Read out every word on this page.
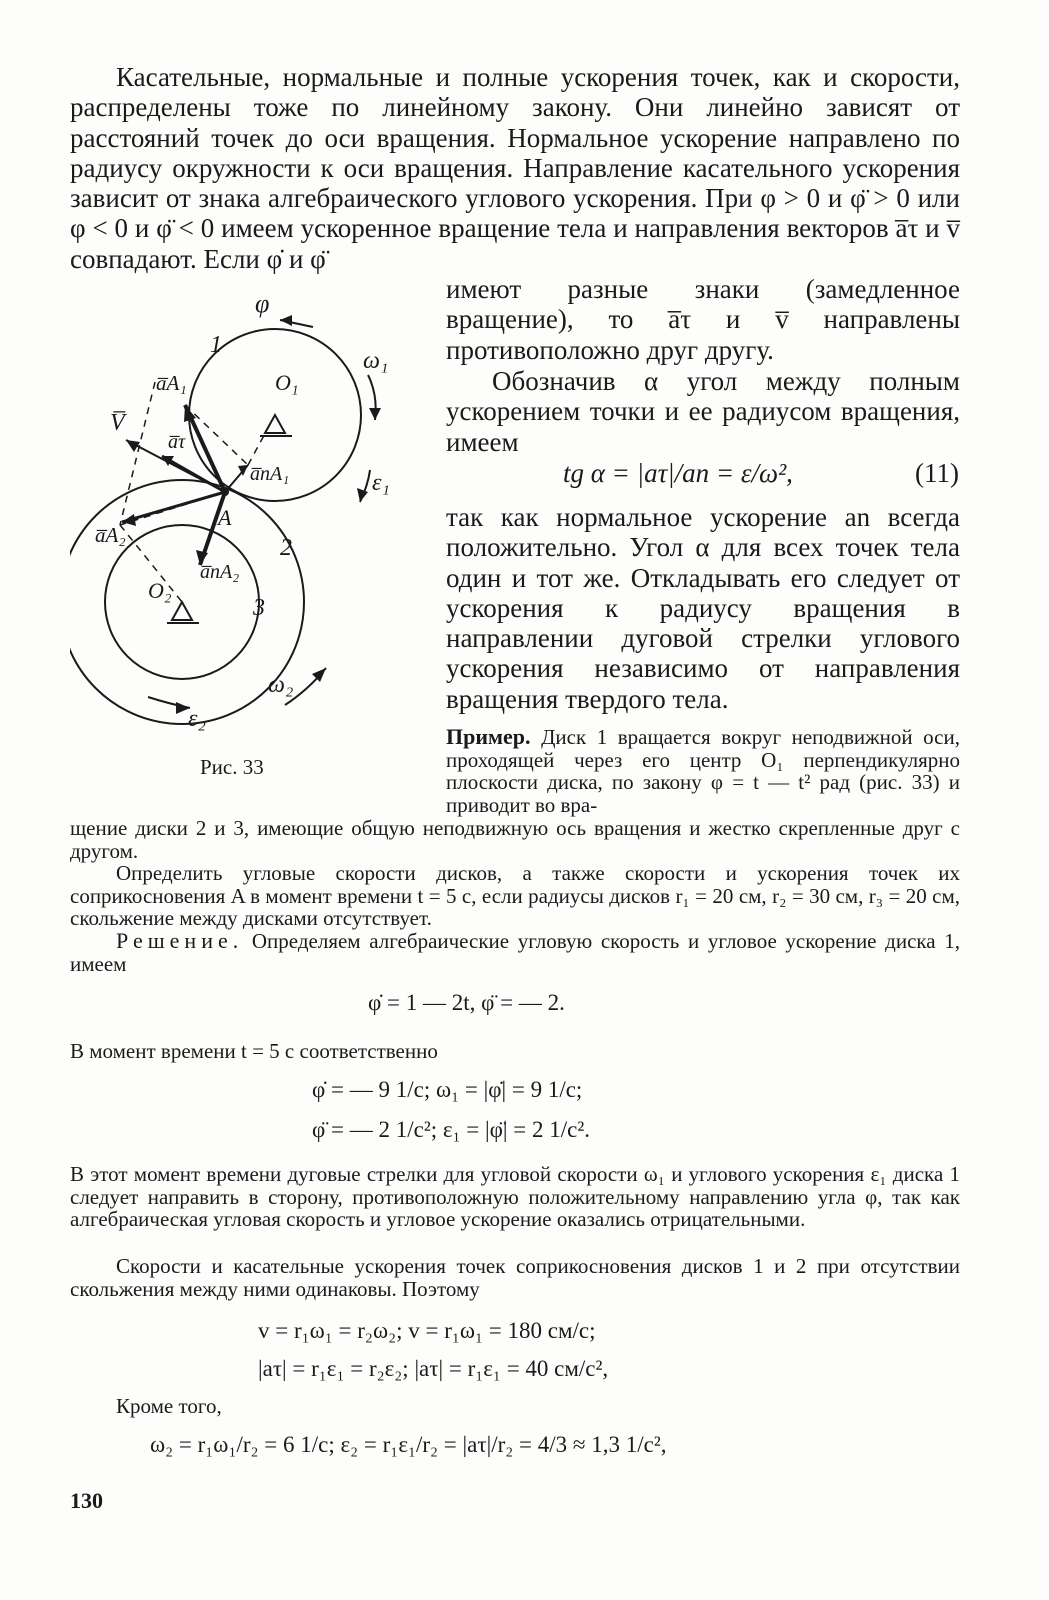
Касательные, нормальные и полные ускорения точек, как и скорости, распределены тоже по линейному закону. Они линейно зависят от расстояний точек до оси вращения. Нормальное ускорение направлено по радиусу окружности к оси вращения. Направление касательного ускорения зависит от знака алгебраического углового ускорения. При φ > 0 и φ̈ > 0 или φ < 0 и φ̈ < 0 имеем ускоренное вращение тела и направления векторов a̅τ и v̅ совпадают. Если φ̇ и φ̈

φ
1
ω₁
O₁
V̅
a̅A₁
a̅τ
a̅nA₁	ε₁
A
2
a̅A₂
a̅nA₂
O₂
3
ω₂
ε₂
Рис. 33

имеют разные знаки (замедленное вращение), то a̅τ и v̅ направлены противоположно друг другу.

Обозначив α угол между полным ускорением точки и ее радиусом вращения, имеем

tg α = |aτ|/an = ε/ω²,	(11)

так как нормальное ускорение an всегда положительно. Угол α для всех точек тела один и тот же. Откладывать его следует от ускорения к радиусу вращения в направлении дуговой стрелки углового ускорения независимо от направления вращения твердого тела.

Пример. Диск 1 вращается вокруг неподвижной оси, проходящей через его центр O₁ перпендикулярно плоскости диска, по закону φ = t — t² рад (рис. 33) и приводит во вра-

щение диски 2 и 3, имеющие общую неподвижную ось вращения и жестко скрепленные друг с другом.

Определить угловые скорости дисков, а также скорости и ускорения точек их соприкосновения A в момент времени t = 5 с, если радиусы дисков r₁ = 20 см, r₂ = 30 см, r₃ = 20 см, скольжение между дисками отсутствует.

Решение. Определяем алгебраические угловую скорость и угловое ускорение диска 1, имеем
φ̇ = 1 — 2t, φ̈ = — 2.
В момент времени t = 5 с соответственно
φ̇ = — 9 1/с; ω₁ = |φ̇| = 9 1/с;
φ̈ = — 2 1/с²; ε₁ = |φ̈| = 2 1/с².

В этот момент времени дуговые стрелки для угловой скорости ω₁ и углового ускорения ε₁ диска 1 следует направить в сторону, противоположную положительному направлению угла φ, так как алгебраическая угловая скорость и угловое ускорение оказались отрицательными.

Скорости и касательные ускорения точек соприкосновения дисков 1 и 2 при отсутствии скольжения между ними одинаковы. Поэтому

v = r₁ω₁ = r₂ω₂; v = r₁ω₁ = 180 см/с;
|aτ| = r₁ε₁ = r₂ε₂; |aτ| = r₁ε₁ = 40 см/с²,
Кроме того,
ω₂ = r₁ω₁/r₂ = 6 1/с; ε₂ = r₁ε₁/r₂ = |aτ|/r₂ = 4/3 ≈ 1,3 1/с²,
130
